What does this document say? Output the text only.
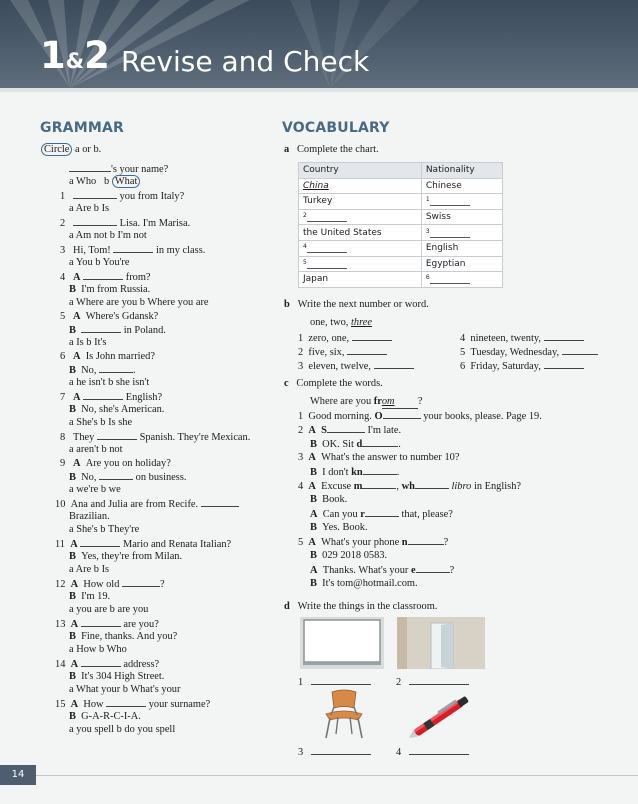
1&2 Revise and Check
GRAMMAR
Circle a or b.
's your name?
a Who b What
1	you from Italy?
a Are b Is
2	Lisa. I'm Marisa.
a Am not b I'm not
3 Hi, Tom!	in my class.
a You b You're
4 A	from?
B I'm from Russia.
a Where are you b Where you are
5 A Where's Gdansk?
B	in Poland.
a Is b It's
6 A Is John married?
B No,	.
a he isn't b she isn't
7 A	English?
B No, she's American.
a She's b Is she
8 They	Spanish. They're Mexican.
a aren't b not
9 A Are you on holiday?
B No,	on business.
a we're b we
10 Ana and Julia are from Recife.
Brazilian.
a She's b They're
11 A	Mario and Renata Italian?
B Yes, they're from Milan.
a Are b Is
12 A How old	?
B I'm 19.
a you are b are you
13 A	are you?
B Fine, thanks. And you?
a How b Who
14 A	address?
B It's 304 High Street.
a What your b What's your
15 A How	your surname?
B G-A-R-C-I-A.
a you spell b do you spell
VOCABULARY
a Complete the chart.
Country	Nationality
China	Chinese
Turkey	$^1$
$^2$	Swiss
the United States	$^3$
$^4$	English
$^5$	Egyptian
Japan	$^6$
b Write the next number or word.
one, two, three
1 zero, one,
2 five, six,
3 eleven, twelve,
4 nineteen, twenty,
5 Tuesday, Wednesday,
6 Friday, Saturday,
c Complete the words.
Where are you from ?
1 Good morning. O	your books, please. Page 19.
2 A S	I'm late.
B OK. Sit d	.
3 A What's the answer to number 10?
B I don't kn	.
4 A Excuse m	, wh	libro in English?
B Book.
A Can you r	that, please?
B Yes. Book.
5 A What's your phone n	?
B 029 2018 0583.
A Thanks. What's your e	?
B It's tom@hotmail.com.
d Write the things in the classroom.
1	2
3	4
14
